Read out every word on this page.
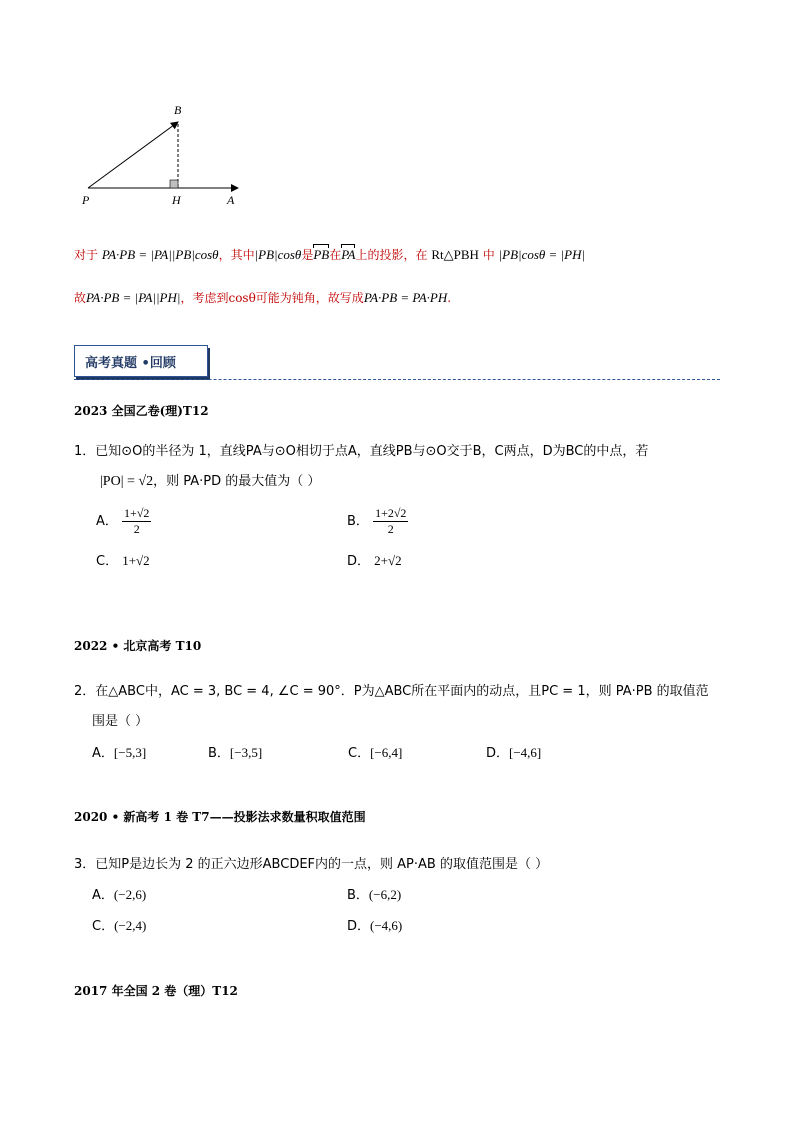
B
P	H	A
对于 PA·PB = |PA||PB|cosθ，其中|PB|cosθ是PB在PA上的投影，在 Rt△PBH 中 |PB|cosθ = |PH|
故PA·PB = |PA||PH|，考虑到cosθ可能为钝角，故写成PA·PB = PA·PH.
高考真题 •回顾
2023 全国乙卷(理)T12
1．已知⊙O的半径为 1，直线PA与⊙O相切于点A，直线PB与⊙O交于B，C两点，D为BC的中点，若
|PO| = √2，则 PA·PD 的最大值为（ ）
A． $\frac{1+√2}{2}$	B． $\frac{1+2√2}{2}$
C． 1+√2	D． 2+√2
2022 • 北京高考 T10
2．在△ABC中，AC = 3, BC = 4, ∠C = 90°．P为△ABC所在平面内的动点，且PC = 1，则 PA·PB 的取值范
围是（ ）
A．[−5,3]	B．[−3,5]	C．[−6,4]	D．[−4,6]
2020 • 新高考 1 卷 T7——投影法求数量积取值范围
3．已知P是边长为 2 的正六边形ABCDEF内的一点，则 AP·AB 的取值范围是（ ）
A．(−2,6)	B．(−6,2)
C．(−2,4)	D．(−4,6)
2017 年全国 2 卷（理）T12
